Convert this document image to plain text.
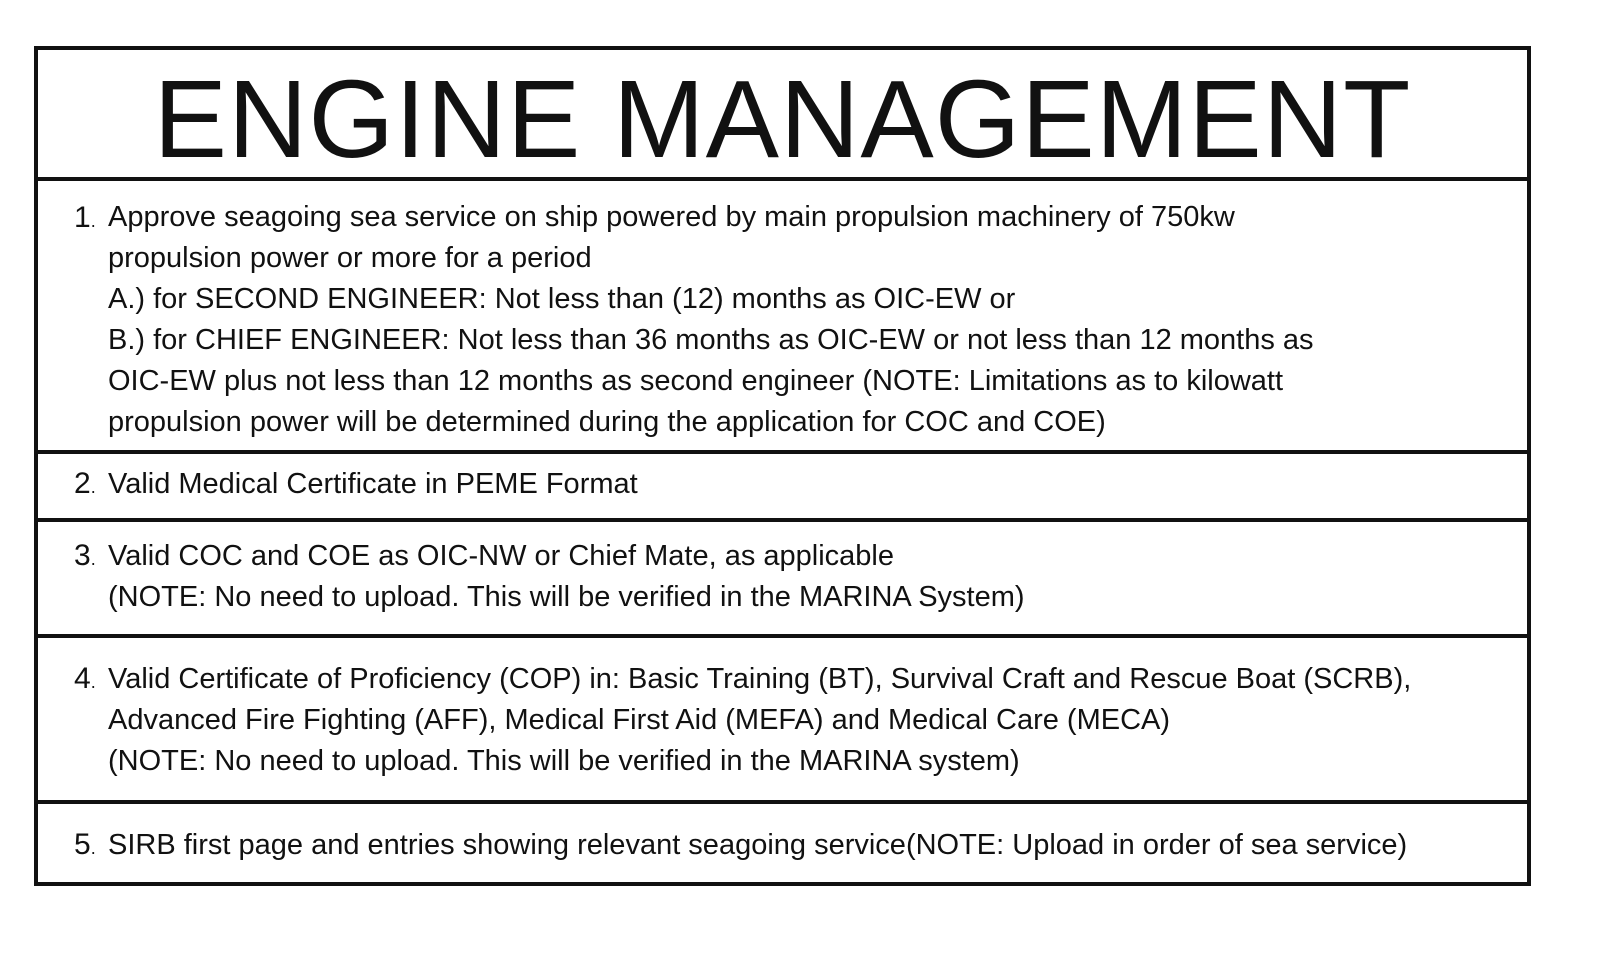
ENGINE MANAGEMENT
1. Approve seagoing sea service on ship powered by main propulsion machinery of 750kw
propulsion power or more for a period
A.) for SECOND ENGINEER: Not less than (12) months as OIC-EW or
B.) for CHIEF ENGINEER: Not less than 36 months as OIC-EW or not less than 12 months as
OIC-EW plus not less than 12 months as second engineer (NOTE: Limitations as to kilowatt
propulsion power will be determined during the application for COC and COE)
2. Valid Medical Certificate in PEME Format
3. Valid COC and COE as OIC-NW or Chief Mate, as applicable
(NOTE: No need to upload. This will be verified in the MARINA System)
4. Valid Certificate of Proficiency (COP) in: Basic Training (BT), Survival Craft and Rescue Boat (SCRB),
Advanced Fire Fighting (AFF), Medical First Aid (MEFA) and Medical Care (MECA)
(NOTE: No need to upload. This will be verified in the MARINA system)
5. SIRB first page and entries showing relevant seagoing service(NOTE: Upload in order of sea service)
